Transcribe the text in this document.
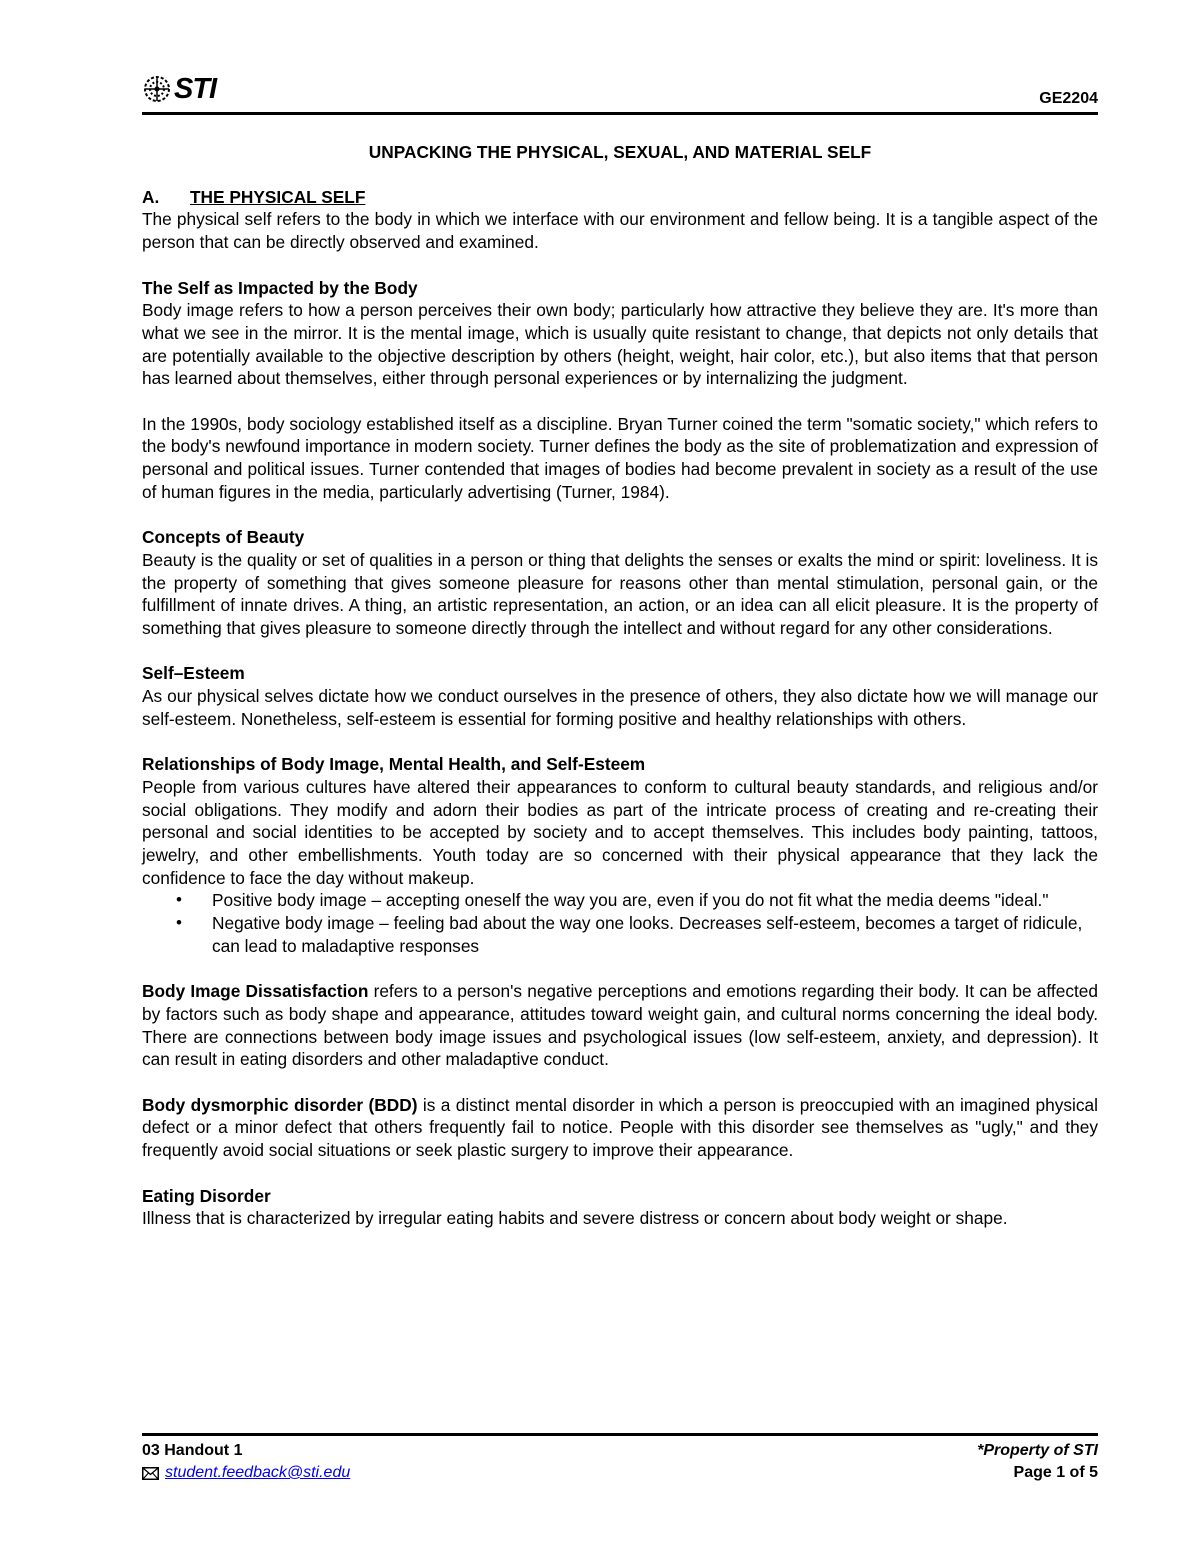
STI	GE2204
UNPACKING THE PHYSICAL, SEXUAL, AND MATERIAL SELF
A.	THE PHYSICAL SELF

The physical self refers to the body in which we interface with our environment and fellow being. It is a tangible aspect of the person that can be directly observed and examined.

The Self as Impacted by the Body

Body image refers to how a person perceives their own body; particularly how attractive they believe they are. It's more than what we see in the mirror. It is the mental image, which is usually quite resistant to change, that depicts not only details that are potentially available to the objective description by others (height, weight, hair color, etc.), but also items that that person has learned about themselves, either through personal experiences or by internalizing the judgment.

In the 1990s, body sociology established itself as a discipline. Bryan Turner coined the term "somatic society," which refers to the body's newfound importance in modern society. Turner defines the body as the site of problematization and expression of personal and political issues. Turner contended that images of bodies had become prevalent in society as a result of the use of human figures in the media, particularly advertising (Turner, 1984).

Concepts of Beauty

Beauty is the quality or set of qualities in a person or thing that delights the senses or exalts the mind or spirit: loveliness. It is the property of something that gives someone pleasure for reasons other than mental stimulation, personal gain, or the fulfillment of innate drives. A thing, an artistic representation, an action, or an idea can all elicit pleasure. It is the property of something that gives pleasure to someone directly through the intellect and without regard for any other considerations.

Self–Esteem

As our physical selves dictate how we conduct ourselves in the presence of others, they also dictate how we will manage our self-esteem. Nonetheless, self-esteem is essential for forming positive and healthy relationships with others.

Relationships of Body Image, Mental Health, and Self-Esteem

People from various cultures have altered their appearances to conform to cultural beauty standards, and religious and/or social obligations. They modify and adorn their bodies as part of the intricate process of creating and re-creating their personal and social identities to be accepted by society and to accept themselves. This includes body painting, tattoos, jewelry, and other embellishments. Youth today are so concerned with their physical appearance that they lack the confidence to face the day without makeup.

• Positive body image – accepting oneself the way you are, even if you do not fit what the media deems "ideal."
• Negative body image – feeling bad about the way one looks. Decreases self-esteem, becomes a target of ridicule, can lead to maladaptive responses

Body Image Dissatisfaction refers to a person's negative perceptions and emotions regarding their body. It can be affected by factors such as body shape and appearance, attitudes toward weight gain, and cultural norms concerning the ideal body. There are connections between body image issues and psychological issues (low self-esteem, anxiety, and depression). It can result in eating disorders and other maladaptive conduct.

Body dysmorphic disorder (BDD) is a distinct mental disorder in which a person is preoccupied with an imagined physical defect or a minor defect that others frequently fail to notice. People with this disorder see themselves as "ugly," and they frequently avoid social situations or seek plastic surgery to improve their appearance.

Eating Disorder

Illness that is characterized by irregular eating habits and severe distress or concern about body weight or shape.

03 Handout 1
student.feedback@sti.edu
*Property of STI
Page 1 of 5
